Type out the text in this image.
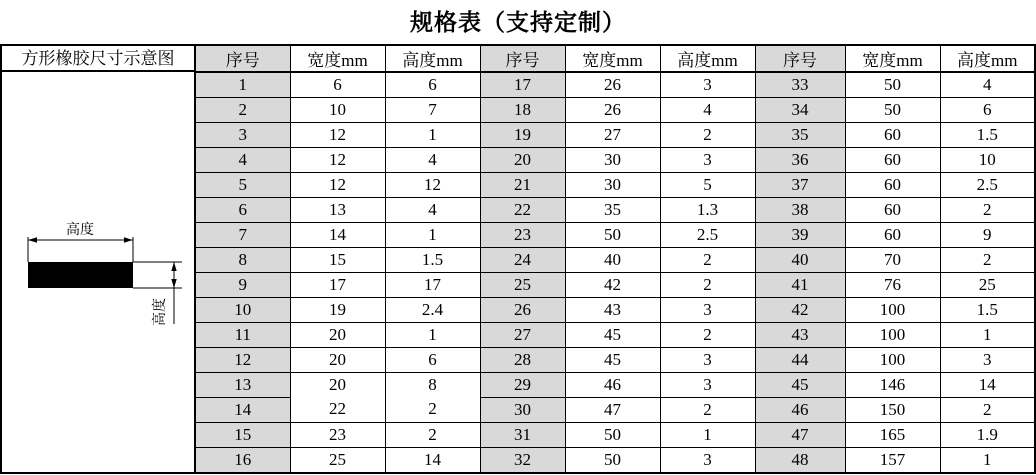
规格表（支持定制）
方形橡胶尺寸示意图
高度
高度
序号	宽度mm	高度mm	序号	宽度mm	高度mm	序号	宽度mm	高度mm
1	6	6	17	26	3	33	50	4
2	10	7	18	26	4	34	50	6
3	12	1	19	27	2	35	60	1.5
4	12	4	20	30	3	36	60	10
5	12	12	21	30	5	37	60	2.5
6	13	4	22	35	1.3	38	60	2
7	14	1	23	50	2.5	39	60	9
8	15	1.5	24	40	2	40	70	2
9	17	17	25	42	2	41	76	25
10	19	2.4	26	43	3	42	100	1.5
11	20	1	27	45	2	43	100	1
12	20	6	28	45	3	44	100	3
13	20	8	29	46	3	45	146	14
14	22	2	30	47	2	46	150	2
15	23	2	31	50	1	47	165	1.9
16	25	14	32	50	3	48	157	1
